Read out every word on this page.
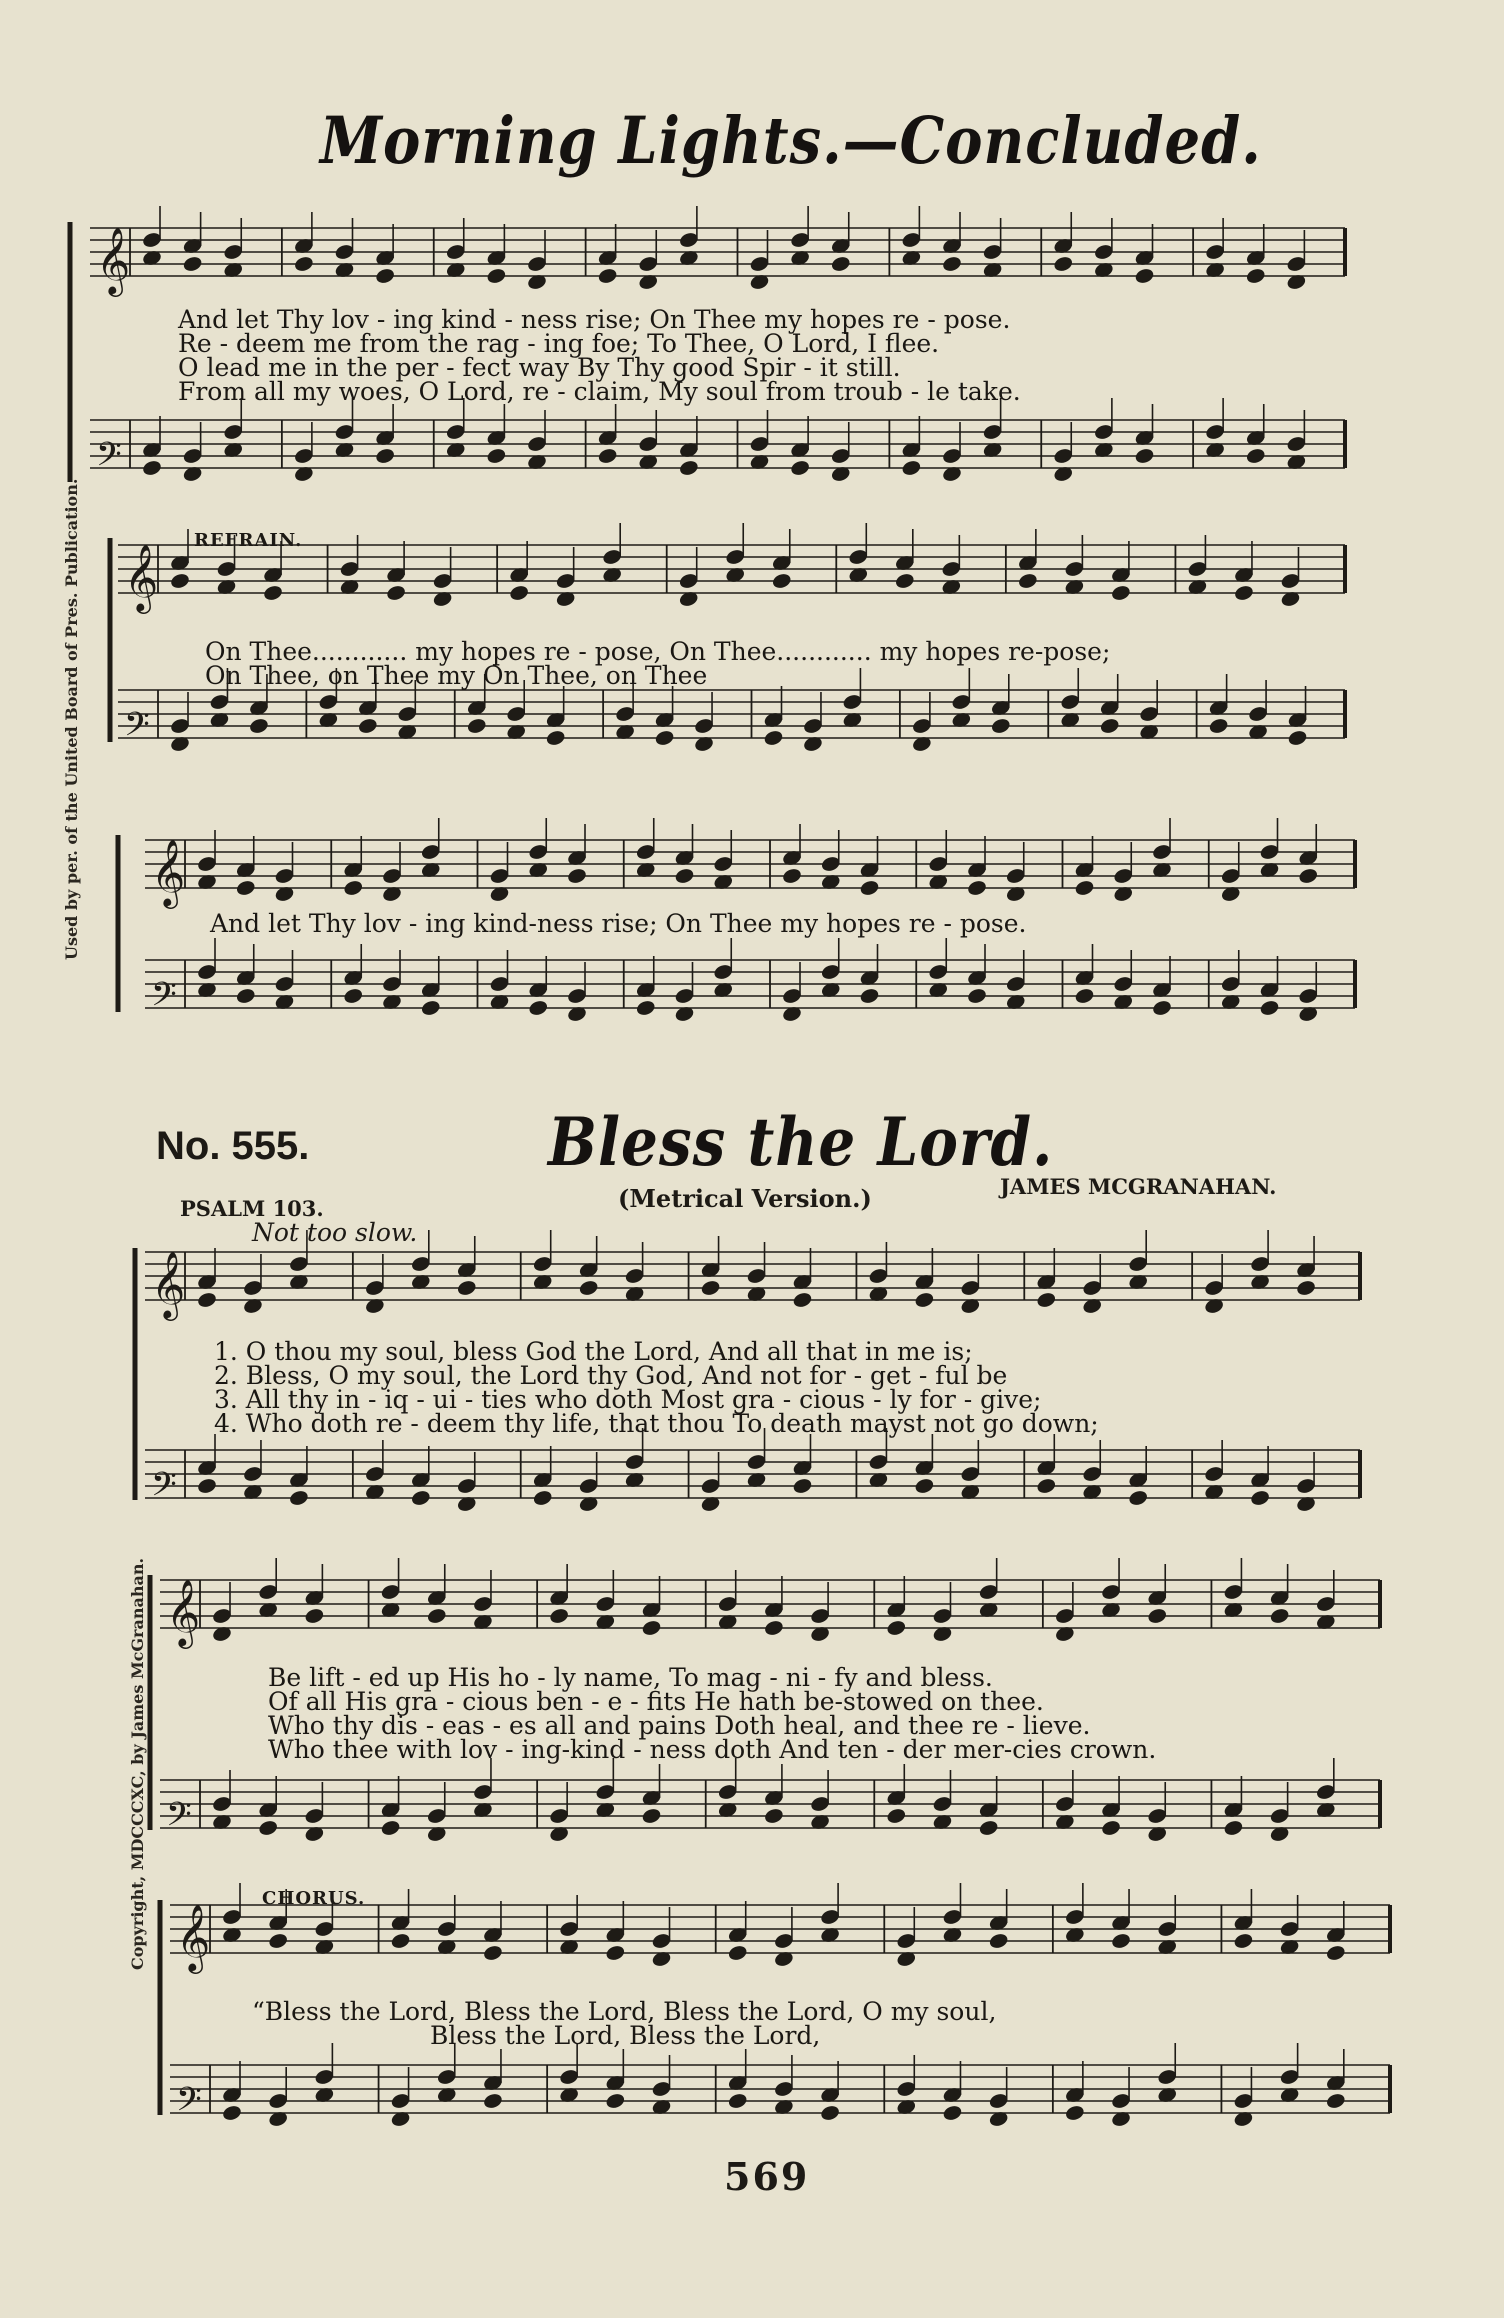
Morning Lights.—Concluded.
Used by per. of the United Board of Pres. Publication.
Copyright, MDCCCXC, by James McGranahan.
𝄞
𝄢
𝄞
𝄢
𝄞
𝄢
𝄞
𝄢
𝄞
𝄢
𝄞
𝄢
And let Thy lov - ing kind - ness rise; On Thee my hopes re - pose.
Re - deem me from the rag - ing foe; To Thee, O Lord, I flee.
O lead me in the per - fect way By Thy good Spir - it still.
From all my woes, O Lord, re - claim, My soul from troub - le take.
REFRAIN.
On Thee............ my hopes re - pose, On Thee............ my hopes re-pose;
On Thee, on Thee my On Thee, on Thee
And let Thy lov - ing kind-ness rise; On Thee my hopes re - pose.
No. 555.	Bless the Lord.
PSALM 103.	(Metrical Version.)	JAMES MCGRANAHAN.
Not too slow.
1. O thou my soul, bless God the Lord, And all that in me is;
2. Bless, O my soul, the Lord thy God, And not for - get - ful be
3. All thy in - iq - ui - ties who doth Most gra - cious - ly for - give;
4. Who doth re - deem thy life, that thou To death mayst not go down;
Be lift - ed up His ho - ly name, To mag - ni - fy and bless.
Of all His gra - cious ben - e - fits He hath be-stowed on thee.
Who thy dis - eas - es all and pains Doth heal, and thee re - lieve.
Who thee with lov - ing-kind - ness doth And ten - der mer-cies crown.
CHORUS.
“Bless the Lord, Bless the Lord, Bless the Lord, O my soul,
Bless the Lord, Bless the Lord,
569
